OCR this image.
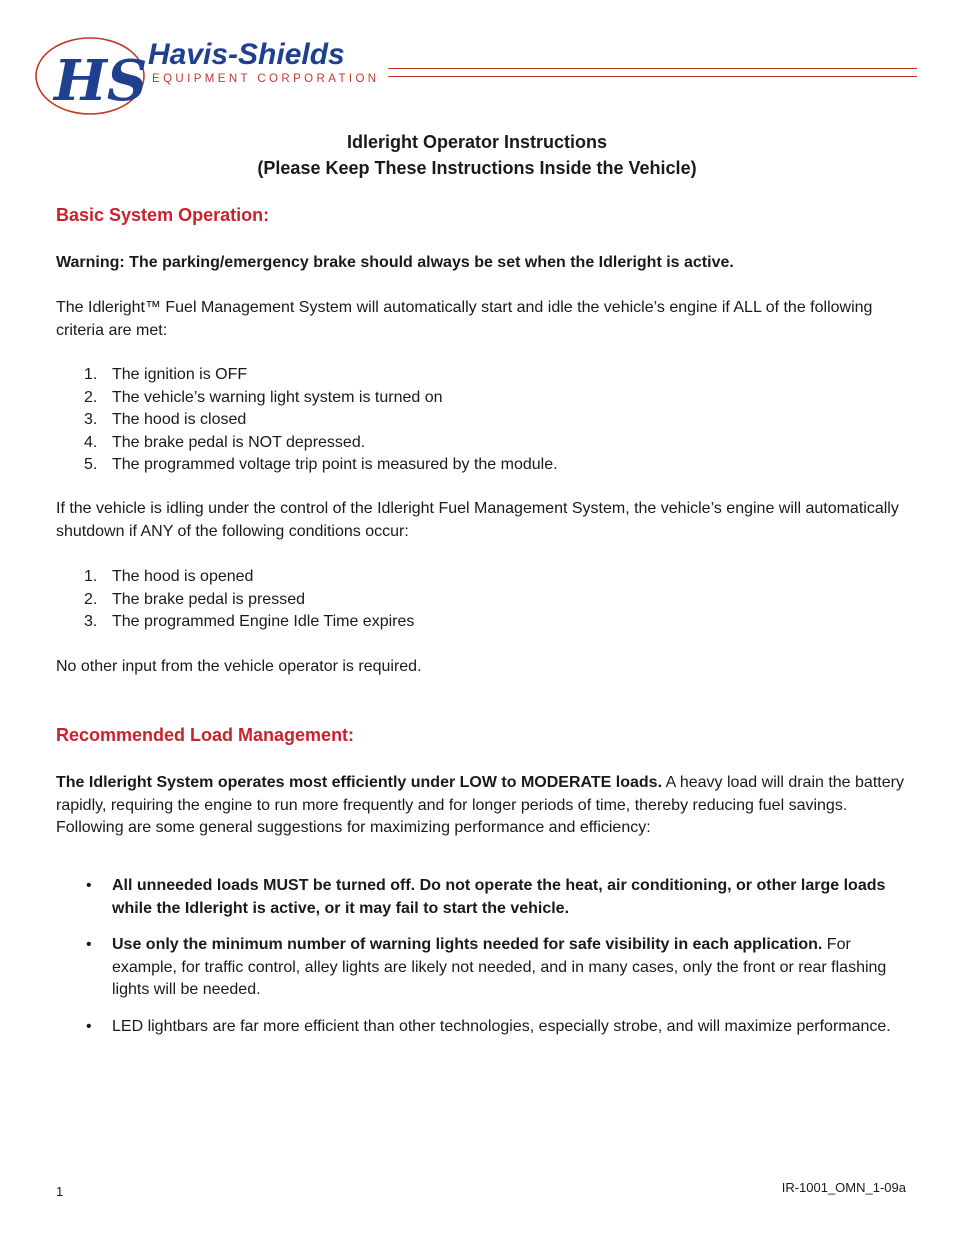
HS Havis-Shields
EQUIPMENT CORPORATION
Idleright Operator Instructions
(Please Keep These Instructions Inside the Vehicle)
Basic System Operation:
Warning: The parking/emergency brake should always be set when the Idleright is active.
The Idleright™ Fuel Management System will automatically start and idle the vehicle’s engine if ALL of the following criteria are met:
1. The ignition is OFF
2. The vehicle’s warning light system is turned on
3. The hood is closed
4. The brake pedal is NOT depressed.
5. The programmed voltage trip point is measured by the module.
If the vehicle is idling under the control of the Idleright Fuel Management System, the vehicle’s engine will automatically shutdown if ANY of the following conditions occur:
1. The hood is opened
2. The brake pedal is pressed
3. The programmed Engine Idle Time expires
No other input from the vehicle operator is required.
Recommended Load Management:
The Idleright System operates most efficiently under LOW to MODERATE loads. A heavy load will drain the battery rapidly, requiring the engine to run more frequently and for longer periods of time, thereby reducing fuel savings. Following are some general suggestions for maximizing performance and efficiency:
• All unneeded loads MUST be turned off. Do not operate the heat, air conditioning, or other large loads while the Idleright is active, or it may fail to start the vehicle.
• Use only the minimum number of warning lights needed for safe visibility in each application. For example, for traffic control, alley lights are likely not needed, and in many cases, only the front or rear flashing lights will be needed.
• LED lightbars are far more efficient than other technologies, especially strobe, and will maximize performance.
1	IR-1001_OMN_1-09a
